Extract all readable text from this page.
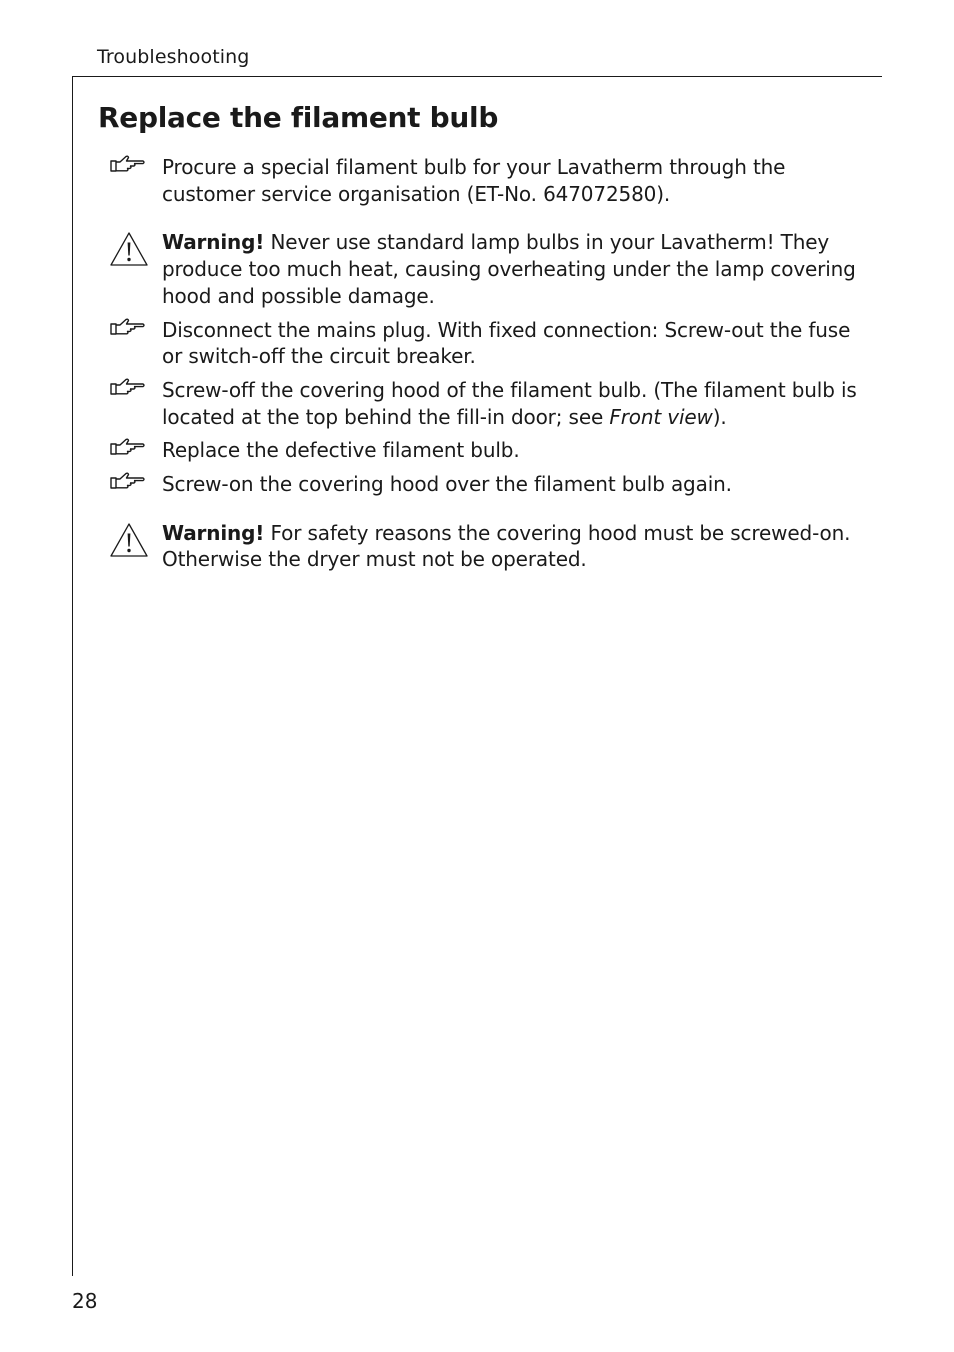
Troubleshooting
Replace the filament bulb
Procure a special filament bulb for your Lavatherm through the customer service organisation (ET-No. 647072580).
Warning! Never use standard lamp bulbs in your Lavatherm! They produce too much heat, causing overheating under the lamp covering hood and possible damage.
Disconnect the mains plug. With fixed connection: Screw-out the fuse or switch-off the circuit breaker.
Screw-off the covering hood of the filament bulb. (The filament bulb is located at the top behind the fill-in door; see Front view).
Replace the defective filament bulb.
Screw-on the covering hood over the filament bulb again.
Warning! For safety reasons the covering hood must be screwed-on. Otherwise the dryer must not be operated.
28
